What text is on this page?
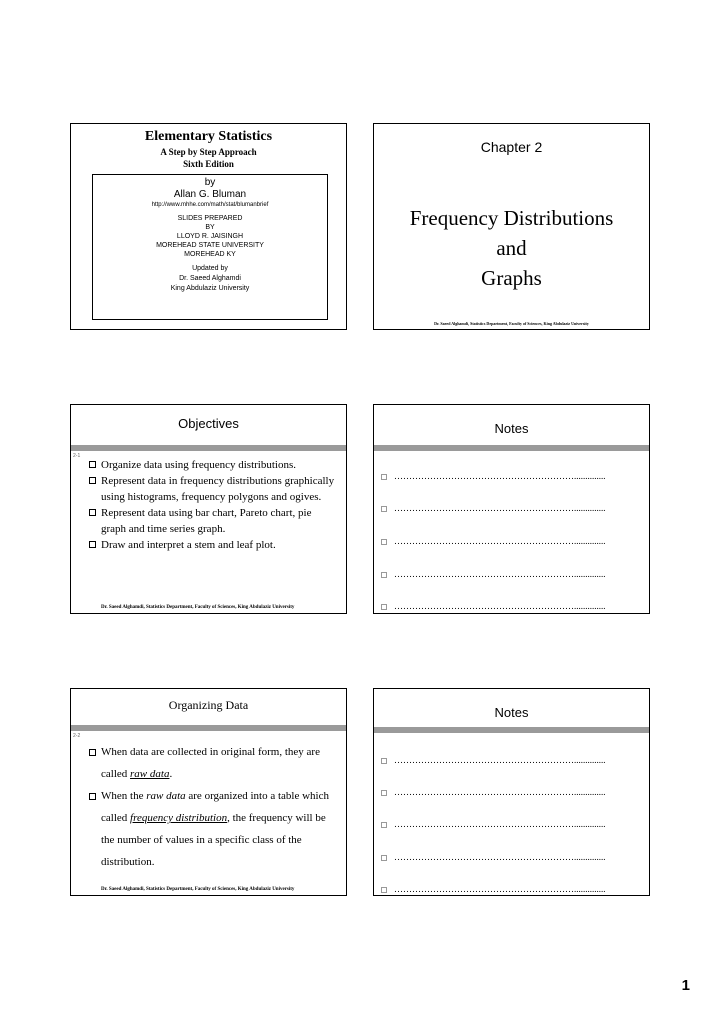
Elementary Statistics
A Step by Step Approach
Sixth Edition
by
Allan G. Bluman
http://www.mhhe.com/math/stat/blumanbrief
SLIDES PREPARED
BY
LLOYD R. JAISINGH
MOREHEAD STATE UNIVERSITY
MOREHEAD KY
Updated by
Dr. Saeed Alghamdi
King Abdulaziz University
Chapter 2
Frequency Distributions
and
Graphs
Dr. Saeed Alghamdi, Statistics Department, Faculty of Sciences, King Abdulaziz University
Objectives
2-1
Organize data using frequency distributions.
Represent data in frequency distributions graphically using histograms, frequency polygons and ogives.
Represent data using bar chart, Pareto chart, pie graph and time series graph.
Draw and interpret a stem and leaf plot.
Dr. Saeed Alghamdi, Statistics Department, Faculty of Sciences, King Abdulaziz University
Notes
……………………………………………………..............
……………………………………………………..............
……………………………………………………..............
……………………………………………………..............
……………………………………………………..............
Organizing Data
2-2
When data are collected in original form, they are called raw data.
When the raw data are organized into a table which called frequency distribution, the frequency will be the number of values in a specific class of the distribution.
Dr. Saeed Alghamdi, Statistics Department, Faculty of Sciences, King Abdulaziz University
Notes
……………………………………………………..............
……………………………………………………..............
……………………………………………………..............
……………………………………………………..............
……………………………………………………..............
1
